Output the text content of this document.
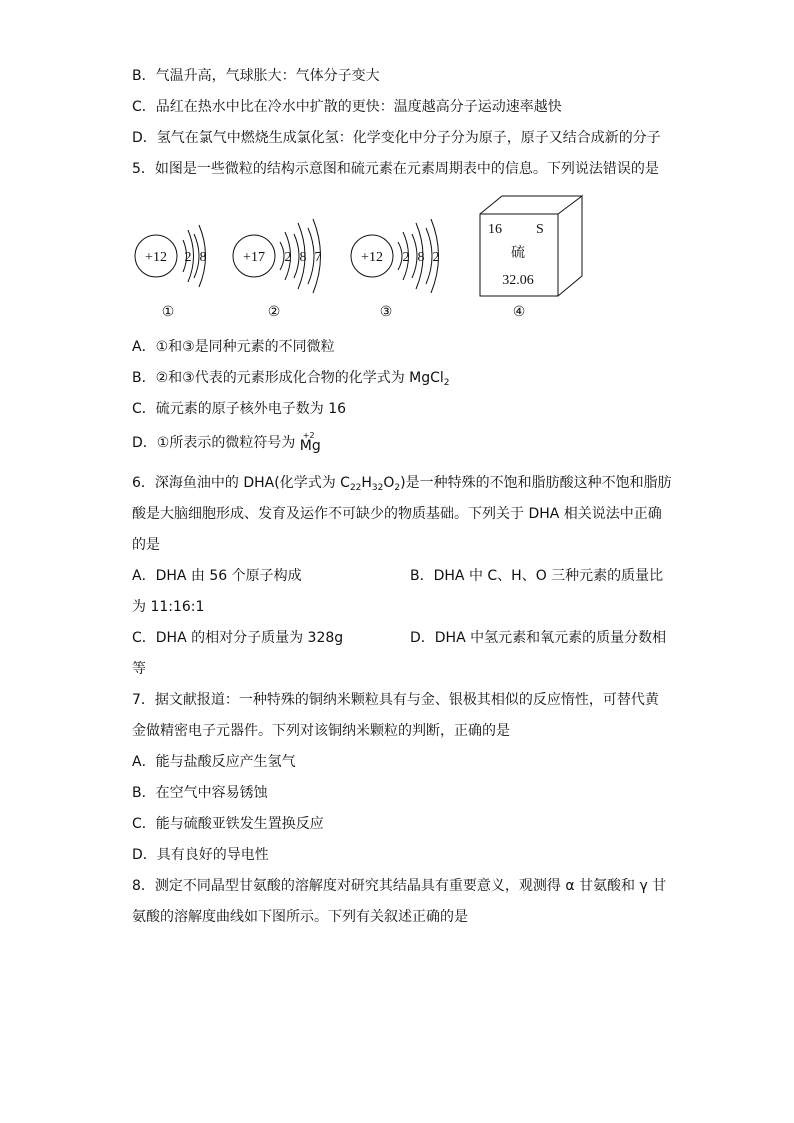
B．气温升高，气球胀大：气体分子变大
C．品红在热水中比在冷水中扩散的更快：温度越高分子运动速率越快
D．氢气在氯气中燃烧生成氯化氢：化学变化中分子分为原子，原子又结合成新的分子
5．如图是一些微粒的结构示意图和硫元素在元素周期表中的信息。下列说法错误的是
+12 2 8	+17 2 8 7	+12 2 8 2
16 S
硫
32.06
①	②	③	④
A．①和③是同种元素的不同微粒
B．②和③代表的元素形成化合物的化学式为 MgCl$_2$
C．硫元素的原子核外电子数为 16
D．①所表示的微粒符号为 +2
Mg
6．深海鱼油中的 DHA(化学式为 $C_{22}H_{32}O_2$)是一种特殊的不饱和脂肪酸这种不饱和脂肪
酸是大脑细胞形成、发育及运作不可缺少的物质基础。下列关于 DHA 相关说法中正确
的是
A．DHA 由 56 个原子构成	B．DHA 中 C、H、O 三种元素的质量比
为 11:16:1
C．DHA 的相对分子质量为 328g	D．DHA 中氢元素和氧元素的质量分数相
等
7．据文献报道：一种特殊的铜纳米颗粒具有与金、银极其相似的反应惰性，可替代黄
金做精密电子元器件。下列对该铜纳米颗粒的判断，正确的是
A．能与盐酸反应产生氢气
B．在空气中容易锈蚀
C．能与硫酸亚铁发生置换反应
D．具有良好的导电性
8．测定不同晶型甘氨酸的溶解度对研究其结晶具有重要意义，观测得 α 甘氨酸和 γ 甘
氨酸的溶解度曲线如下图所示。下列有关叙述正确的是
